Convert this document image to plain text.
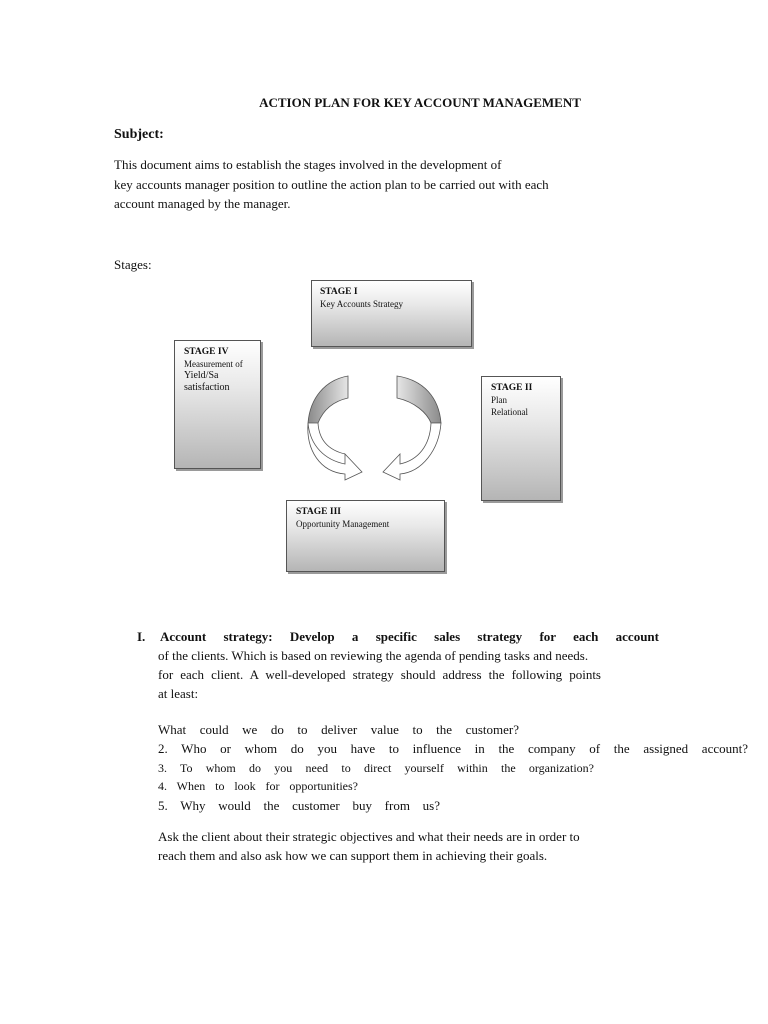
ACTION PLAN FOR KEY ACCOUNT MANAGEMENT
Subject:
This document aims to establish the stages involved in the development of
key accounts manager position to outline the action plan to be carried out with each
account managed by the manager.
Stages:
STAGE I
Key Accounts Strategy
STAGE II
Plan
Relational
STAGE III
Opportunity Management
STAGE IV
Measurement of
Yield/Sa
satisfaction
I. Account strategy: Develop a specific sales strategy for each account
of the clients. Which is based on reviewing the agenda of pending tasks and needs.
for each client. A well-developed strategy should address the following points
at least:
What could we do to deliver value to the customer?
2. Who or whom do you have to influence in the company of the assigned account?
3. To whom do you need to direct yourself within the organization?
4. When to look for opportunities?
5. Why would the customer buy from us?
Ask the client about their strategic objectives and what their needs are in order to
reach them and also ask how we can support them in achieving their goals.
